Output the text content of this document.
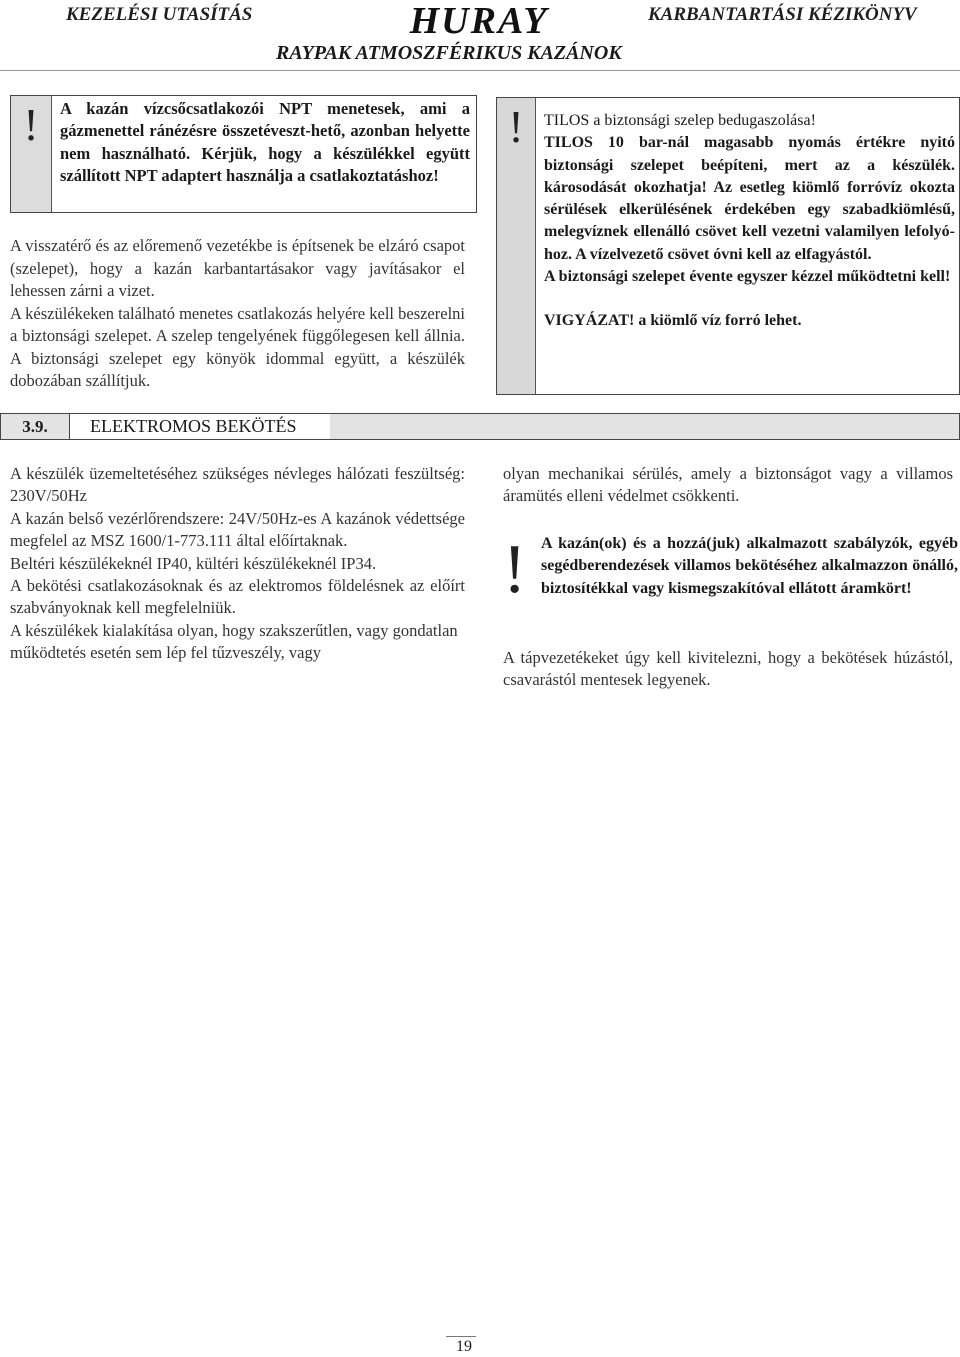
KEZELÉSI UTASÍTÁS	HURAY	KARBANTARTÁSI KÉZIKÖNYV
RAYPAK ATMOSZFÉRIKUS KAZÁNOK
!	A kazán vízcsőcsatlakozói NPT menetesek, ami a gázmenettel ránézésre összetéveszt-hető, azonban helyette nem használható. Kérjük, hogy a készülékkel együtt szállított NPT adaptert használja a csatlakoztatáshoz!

A visszatérő és az előremenő vezetékbe is építsenek be elzáró csapot (szelepet), hogy a kazán karbantartásakor vagy javításakor el lehessen zárni a vizet.

A készülékeken található menetes csatlakozás helyére kell beszerelni a biztonsági szelepet. A szelep tengelyének függőlegesen kell állnia. A biztonsági szelepet egy könyök idommal együtt, a készülék dobozában szállítjuk.

!	TILOS a biztonsági szelep bedugaszolása!

TILOS 10 bar-nál magasabb nyomás értékre nyitó biztonsági szelepet beépíteni, mert az a készülék. károsodását okozhatja! Az esetleg kiömlő forróvíz okozta sérülések elkerülésének érdekében egy szabadkiömlésű, melegvíznek ellenálló csövet kell vezetni valamilyen lefolyó-hoz. A vízelvezető csövet óvni kell az elfagyástól.

A biztonsági szelepet évente egyszer kézzel működtetni kell!

VIGYÁZAT! a kiömlő víz forró lehet.

3.9.	ELEKTROMOS BEKÖTÉS

A készülék üzemeltetéséhez szükséges névleges hálózati feszültség: 230V/50Hz

A kazán belső vezérlőrendszere: 24V/50Hz-es A kazánok védettsége megfelel az MSZ 1600/1-773.111 által előírtaknak.

Beltéri készülékeknél IP40, kültéri készülékeknél IP34.

A bekötési csatlakozásoknak és az elektromos földelésnek az előírt szabványoknak kell megfelelniük.

A készülékek kialakítása olyan, hogy szakszerűtlen, vagy gondatlan működtetés esetén sem lép fel tűzveszély, vagy

olyan mechanikai sérülés, amely a biztonságot vagy a villamos áramütés elleni védelmet csökkenti.

! A kazán(ok) és a hozzá(juk) alkalmazott szabályzók, egyéb segédberendezések villamos bekötéséhez alkalmazzon önálló, biztosítékkal vagy kismegszakítóval ellátott áramkört!

A tápvezetékeket úgy kell kivitelezni, hogy a bekötések húzástól, csavarástól mentesek legyenek.

19
